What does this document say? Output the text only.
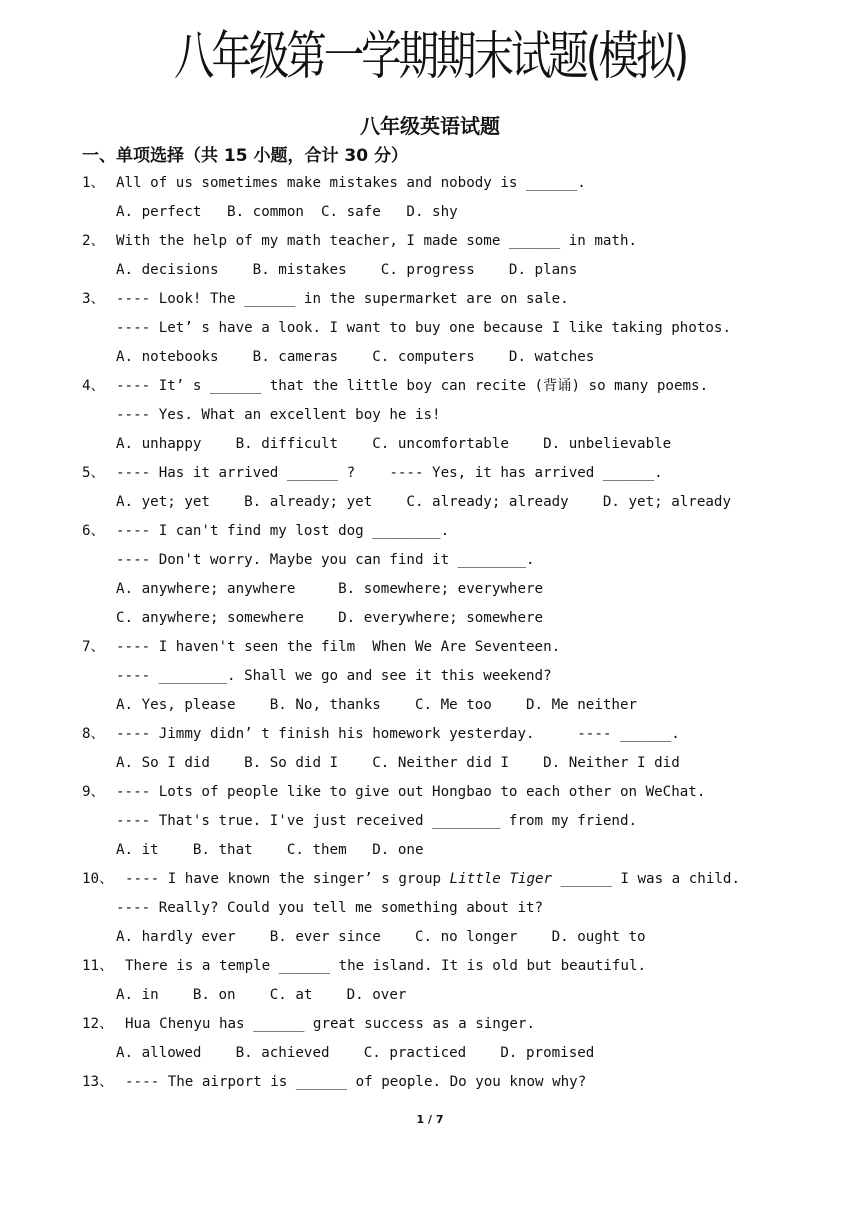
八年级第一学期期末试题(模拟)
八年级英语试题
一、单项选择（共 15 小题，合计 30 分）
1、 All of us sometimes make mistakes and nobody is ______.
A. perfect   B. common  C. safe   D. shy
2、 With the help of my math teacher, I made some ______ in math.
A. decisions    B. mistakes    C. progress    D. plans
3、 ---- Look! The ______ in the supermarket are on sale.
---- Let’ s have a look. I want to buy one because I like taking photos.
A. notebooks    B. cameras    C. computers    D. watches
4、 ---- It’ s ______ that the little boy can recite (背诵) so many poems.
---- Yes. What an excellent boy he is!
A. unhappy    B. difficult    C. uncomfortable    D. unbelievable
5、 ---- Has it arrived ______ ?    ---- Yes, it has arrived ______.
A. yet; yet    B. already; yet    C. already; already    D. yet; already
6、 ---- I can't find my lost dog ________.
---- Don't worry. Maybe you can find it ________.
A. anywhere; anywhere     B. somewhere; everywhere
C. anywhere; somewhere    D. everywhere; somewhere
7、 ---- I haven't seen the film  When We Are Seventeen.
---- ________. Shall we go and see it this weekend?
A. Yes, please    B. No, thanks    C. Me too    D. Me neither
8、 ---- Jimmy didn’ t finish his homework yesterday.     ---- ______.
A. So I did    B. So did I    C. Neither did I    D. Neither I did
9、 ---- Lots of people like to give out Hongbao to each other on WeChat.
---- That's true. I've just received ________ from my friend.
A. it    B. that    C. them   D. one
10、 ---- I have known the singer’ s group Little Tiger ______ I was a child.
---- Really? Could you tell me something about it?
A. hardly ever    B. ever since    C. no longer    D. ought to
11、 There is a temple ______ the island. It is old but beautiful.
A. in    B. on    C. at    D. over
12、 Hua Chenyu has ______ great success as a singer.
A. allowed    B. achieved    C. practiced    D. promised
13、 ---- The airport is ______ of people. Do you know why?
1 / 7
